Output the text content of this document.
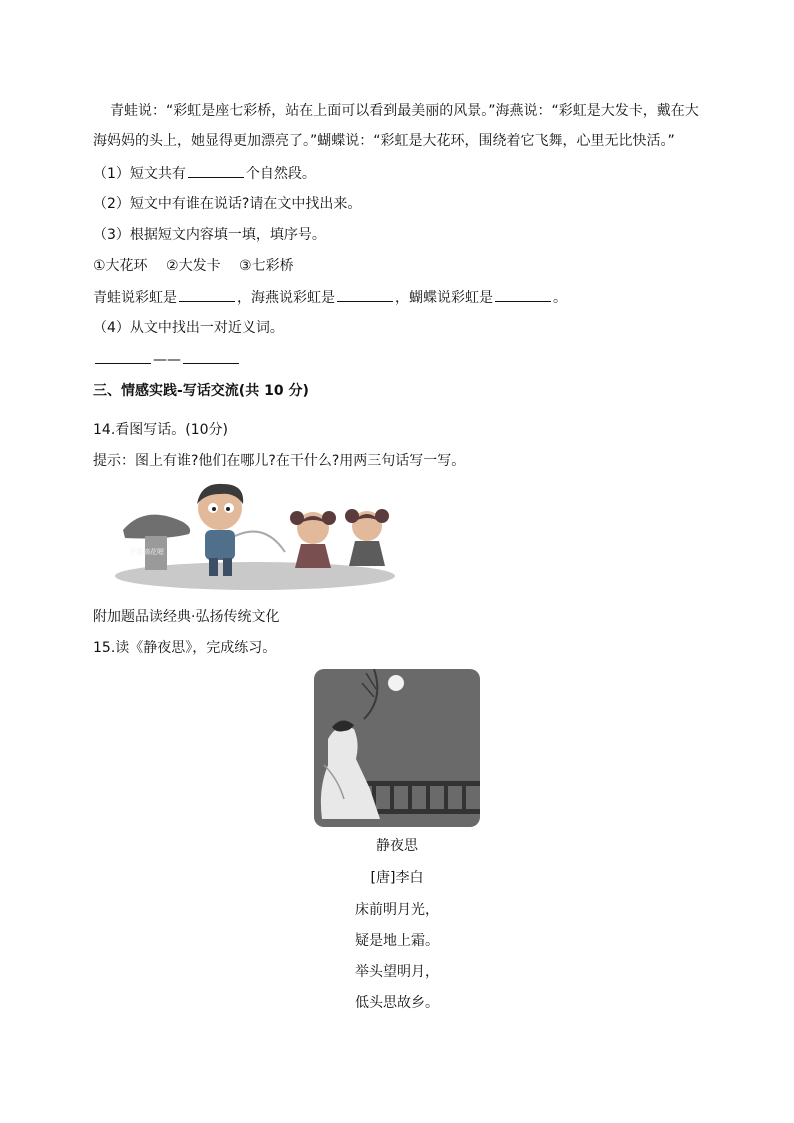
青蛙说：“彩虹是座七彩桥，站在上面可以看到最美丽的风景。”海燕说：“彩虹是大发卡，戴在大
海妈妈的头上，她显得更加漂亮了。”蝴蝶说：“彩虹是大花环，围绕着它飞舞，心里无比快活。”
（1）短文共有	个自然段。
（2）短文中有谁在说话?请在文中找出来。
（3）根据短文内容填一填，填序号。
①大花环 ②大发卡 ③七彩桥
青蛙说彩虹是	，海燕说彩虹是	，蝴蝶说彩虹是	。
（4）从文中找出一对近义词。
——
三、情感实践-写话交流(共 10 分)
14.看图写话。(10分)
提示：图上有谁?他们在哪儿?在干什么?用两三句话写一写。
不要摘花喔
附加题品读经典·弘扬传统文化
15.读《静夜思》，完成练习。
静夜思
[唐]李白
床前明月光，
疑是地上霜。
举头望明月，
低头思故乡。
